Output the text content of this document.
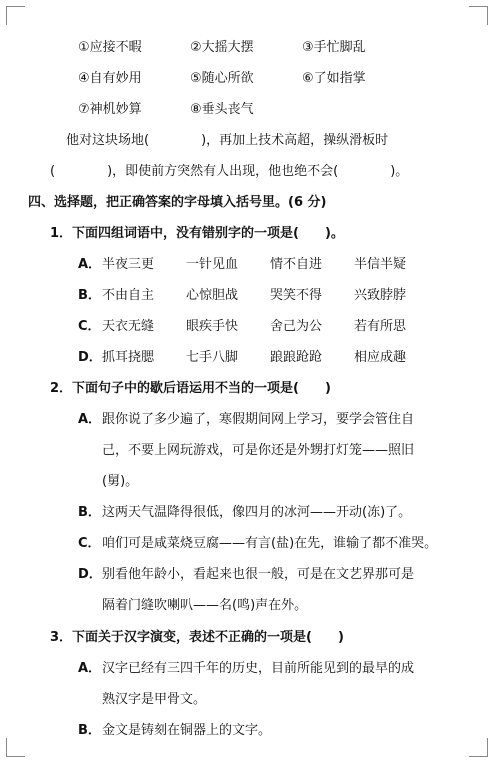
①应接不暇	②大摇大摆	③手忙脚乱
④自有妙用	⑤随心所欲	⑥了如指掌
⑦神机妙算	⑧垂头丧气
他对这块场地(　　　　)，再加上技术高超，操纵滑板时
(　　　　)，即使前方突然有人出现，他也绝不会(　　　　)。
四、选择题，把正确答案的字母填入括号里。(6 分)
1．下面四组词语中，没有错别字的一项是(　　)。
A． 半夜三更 一针见血 情不自进 半信半疑
B． 不由自主 心惊胆战 哭笑不得 兴致脖脖
C． 天衣无缝 眼疾手快 舍己为公 若有所思
D． 抓耳挠腮 七手八脚 踉踉跄跄 相应成趣
2．下面句子中的歇后语运用不当的一项是(　　)
A． 跟你说了多少遍了，寒假期间网上学习，要学会管住自
己，不要上网玩游戏，可是你还是外甥打灯笼——照旧
(舅)。
B． 这两天气温降得很低，像四月的冰河——开动(冻)了。
C． 咱们可是咸菜烧豆腐——有言(盐)在先，谁输了都不准哭。
D． 别看他年龄小，看起来也很一般，可是在文艺界那可是
隔着门缝吹喇叭——名(鸣)声在外。
3．下面关于汉字演变，表述不正确的一项是(　　)
A． 汉字已经有三四千年的历史，目前所能见到的最早的成
熟汉字是甲骨文。
B． 金文是铸刻在铜器上的文字。
